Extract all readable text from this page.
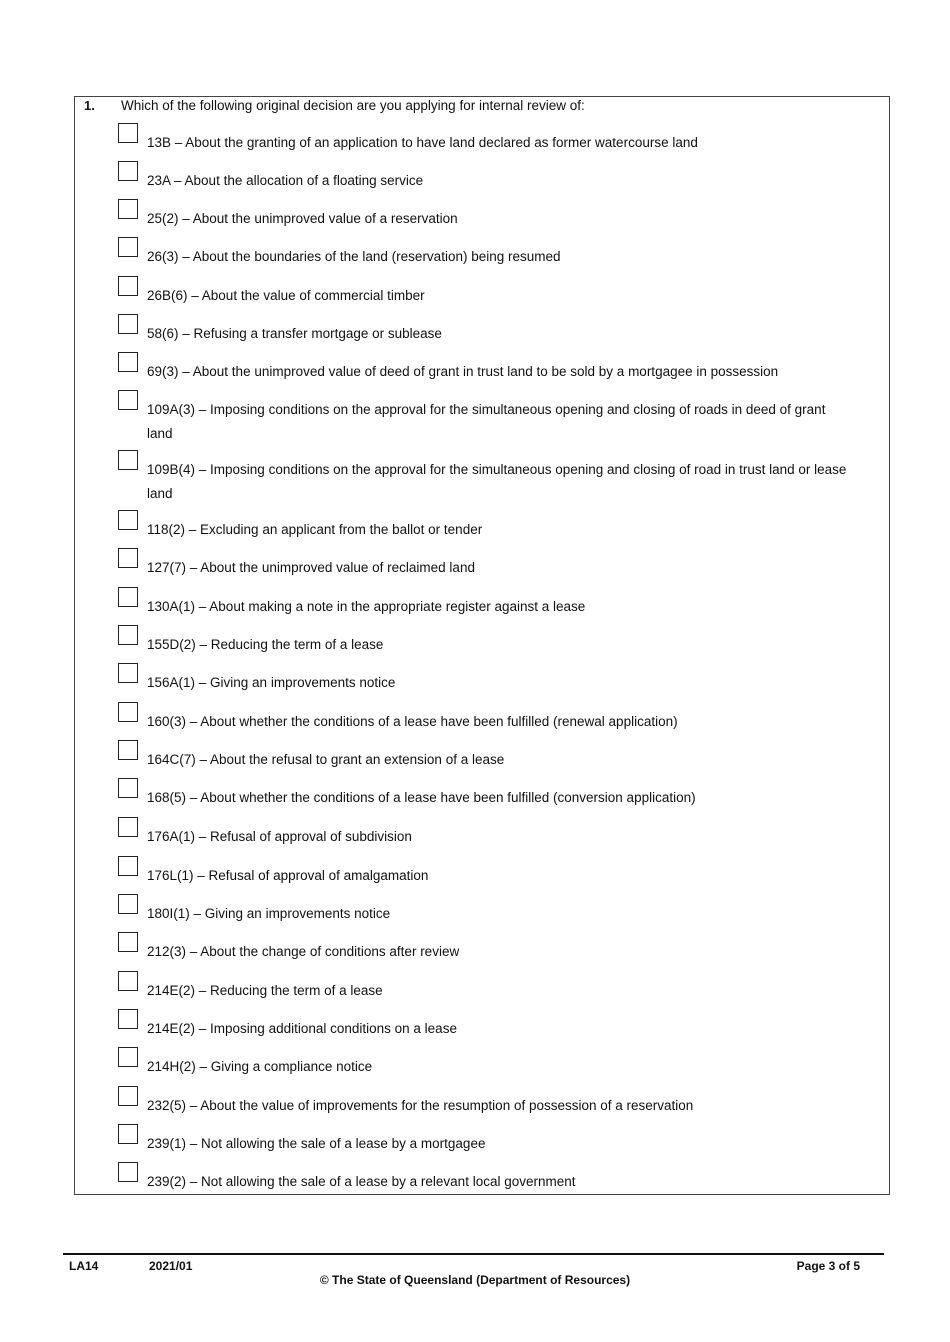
1. Which of the following original decision are you applying for internal review of:
13B – About the granting of an application to have land declared as former watercourse land
23A – About the allocation of a floating service
25(2) – About the unimproved value of a reservation
26(3) – About the boundaries of the land (reservation) being resumed
26B(6) – About the value of commercial timber
58(6) – Refusing a transfer mortgage or sublease
69(3) – About the unimproved value of deed of grant in trust land to be sold by a mortgagee in possession
109A(3) – Imposing conditions on the approval for the simultaneous opening and closing of roads in deed of grant land
109B(4) – Imposing conditions on the approval for the simultaneous opening and closing of road in trust land or lease land
118(2) – Excluding an applicant from the ballot or tender
127(7) – About the unimproved value of reclaimed land
130A(1) – About making a note in the appropriate register against a lease
155D(2) – Reducing the term of a lease
156A(1) – Giving an improvements notice
160(3) – About whether the conditions of a lease have been fulfilled (renewal application)
164C(7) – About the refusal to grant an extension of a lease
168(5) – About whether the conditions of a lease have been fulfilled (conversion application)
176A(1) – Refusal of approval of subdivision
176L(1) – Refusal of approval of amalgamation
180I(1) – Giving an improvements notice
212(3) – About the change of conditions after review
214E(2) – Reducing the term of a lease
214E(2) – Imposing additional conditions on a lease
214H(2) – Giving a compliance notice
232(5) – About the value of improvements for the resumption of possession of a reservation
239(1) – Not allowing the sale of a lease by a mortgagee
239(2) – Not allowing the sale of a lease by a relevant local government
LA14	2021/01	Page 3 of 5
© The State of Queensland (Department of Resources)
